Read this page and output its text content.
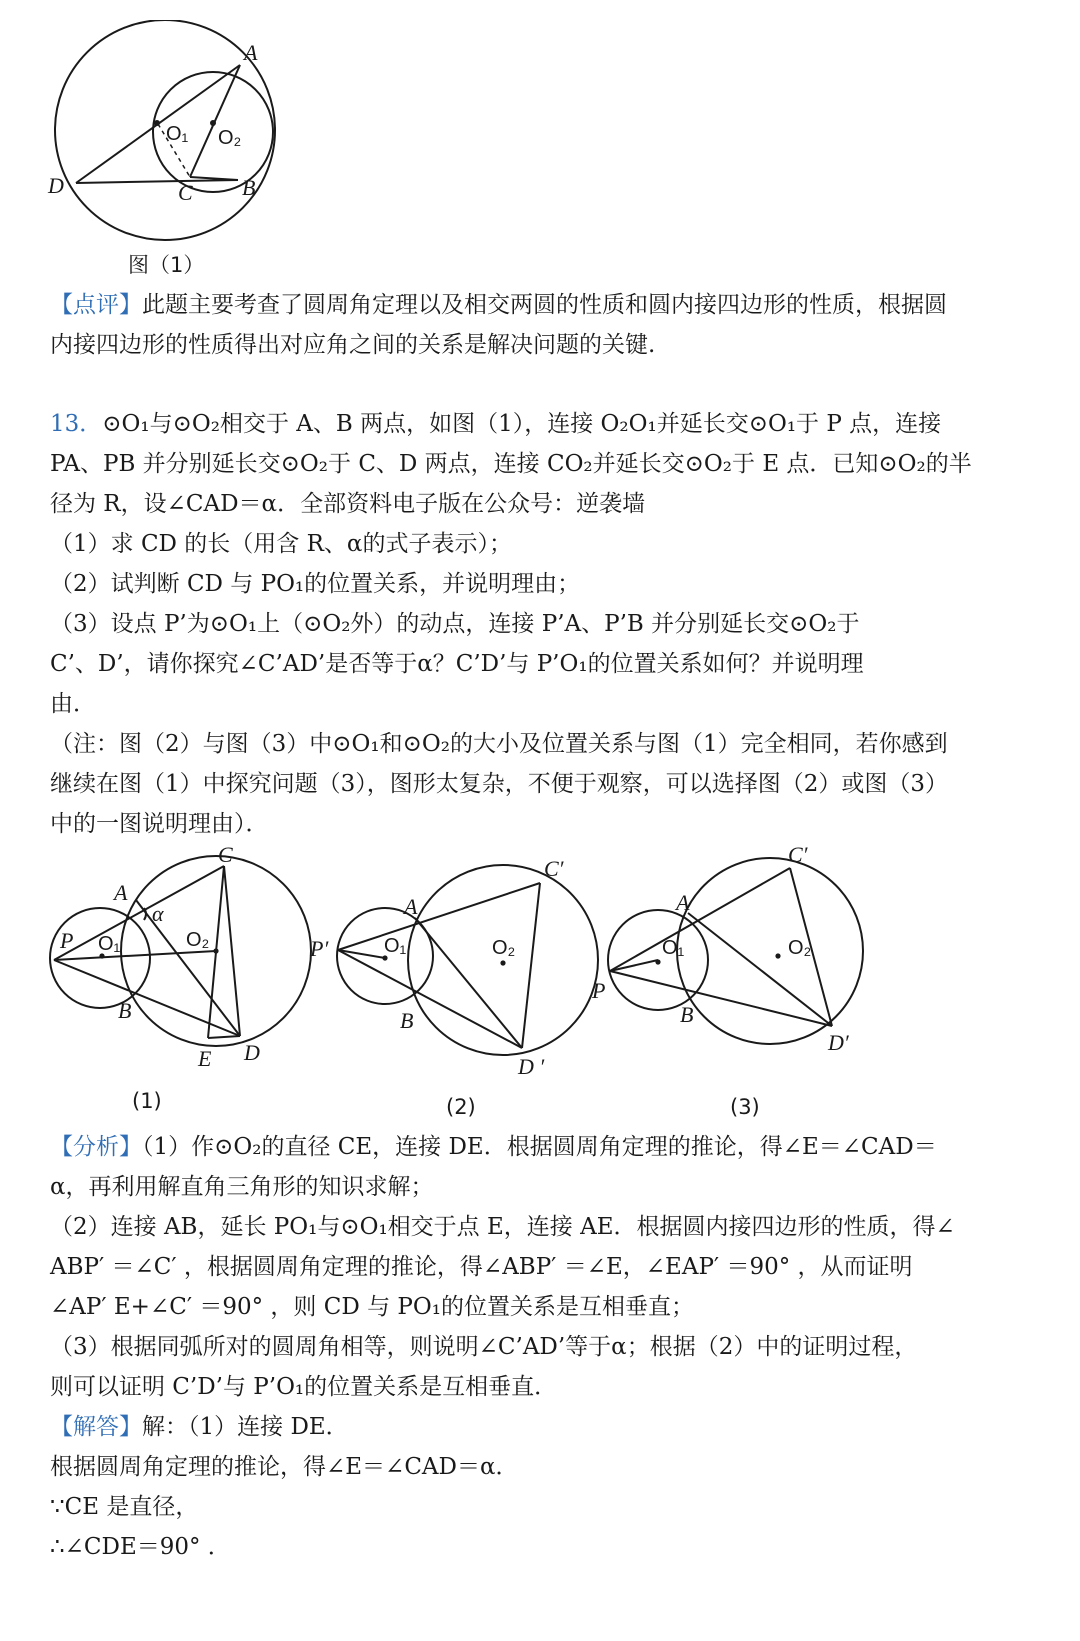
A
D	C B
O₁ O₂
图（1）

【点评】此题主要考查了圆周角定理以及相交两圆的性质和圆内接四边形的性质，根据圆

内接四边形的性质得出对应角之间的关系是解决问题的关键.

13．⊙O₁与⊙O₂相交于 A、B 两点，如图（1），连接 O₂O₁并延长交⊙O₁于 P 点，连接

PA、PB 并分别延长交⊙O₂于 C、D 两点，连接 CO₂并延长交⊙O₂于 E 点．已知⊙O₂的半

径为 R，设∠CAD＝α．全部资料电子版在公众号：逆袭墙

（1）求 CD 的长（用含 R、α的式子表示）；

（2）试判断 CD 与 PO₁的位置关系，并说明理由；

（3）设点 P’为⊙O₁上（⊙O₂外）的动点，连接 P’A、P’B 并分别延长交⊙O₂于

C’、D’，请你探究∠C’AD’是否等于α？C’D’与 P’O₁的位置关系如何？并说明理

由．

（注：图（2）与图（3）中⊙O₁和⊙O₂的大小及位置关系与图（1）完全相同，若你感到

继续在图（1）中探究问题（3），图形太复杂，不便于观察，可以选择图（2）或图（3）

中的一图说明理由）．

P
A
B
C
D
E
O₁	O₂
α
(1)
P′
A
B
C′
D ′
O₁	O₂
(2)
P
A
B
C′
D′
O₁	O₂
(3)

【分析】（1）作⊙O₂的直径 CE，连接 DE．根据圆周角定理的推论，得∠E＝∠CAD＝

α，再利用解直角三角形的知识求解；

（2）连接 AB，延长 PO₁与⊙O₁相交于点 E，连接 AE．根据圆内接四边形的性质，得∠

ABP′ ＝∠C′ ，根据圆周角定理的推论，得∠ABP′ ＝∠E，∠EAP′ ＝90° ，从而证明

∠AP′ E+∠C′ ＝90° ，则 CD 与 PO₁的位置关系是互相垂直；

（3）根据同弧所对的圆周角相等，则说明∠C’AD’等于α；根据（2）中的证明过程，

则可以证明 C’D’与 P’O₁的位置关系是互相垂直．

【解答】解：（1）连接 DE．

根据圆周角定理的推论，得∠E＝∠CAD＝α．

∵CE 是直径，

∴∠CDE＝90° ．
